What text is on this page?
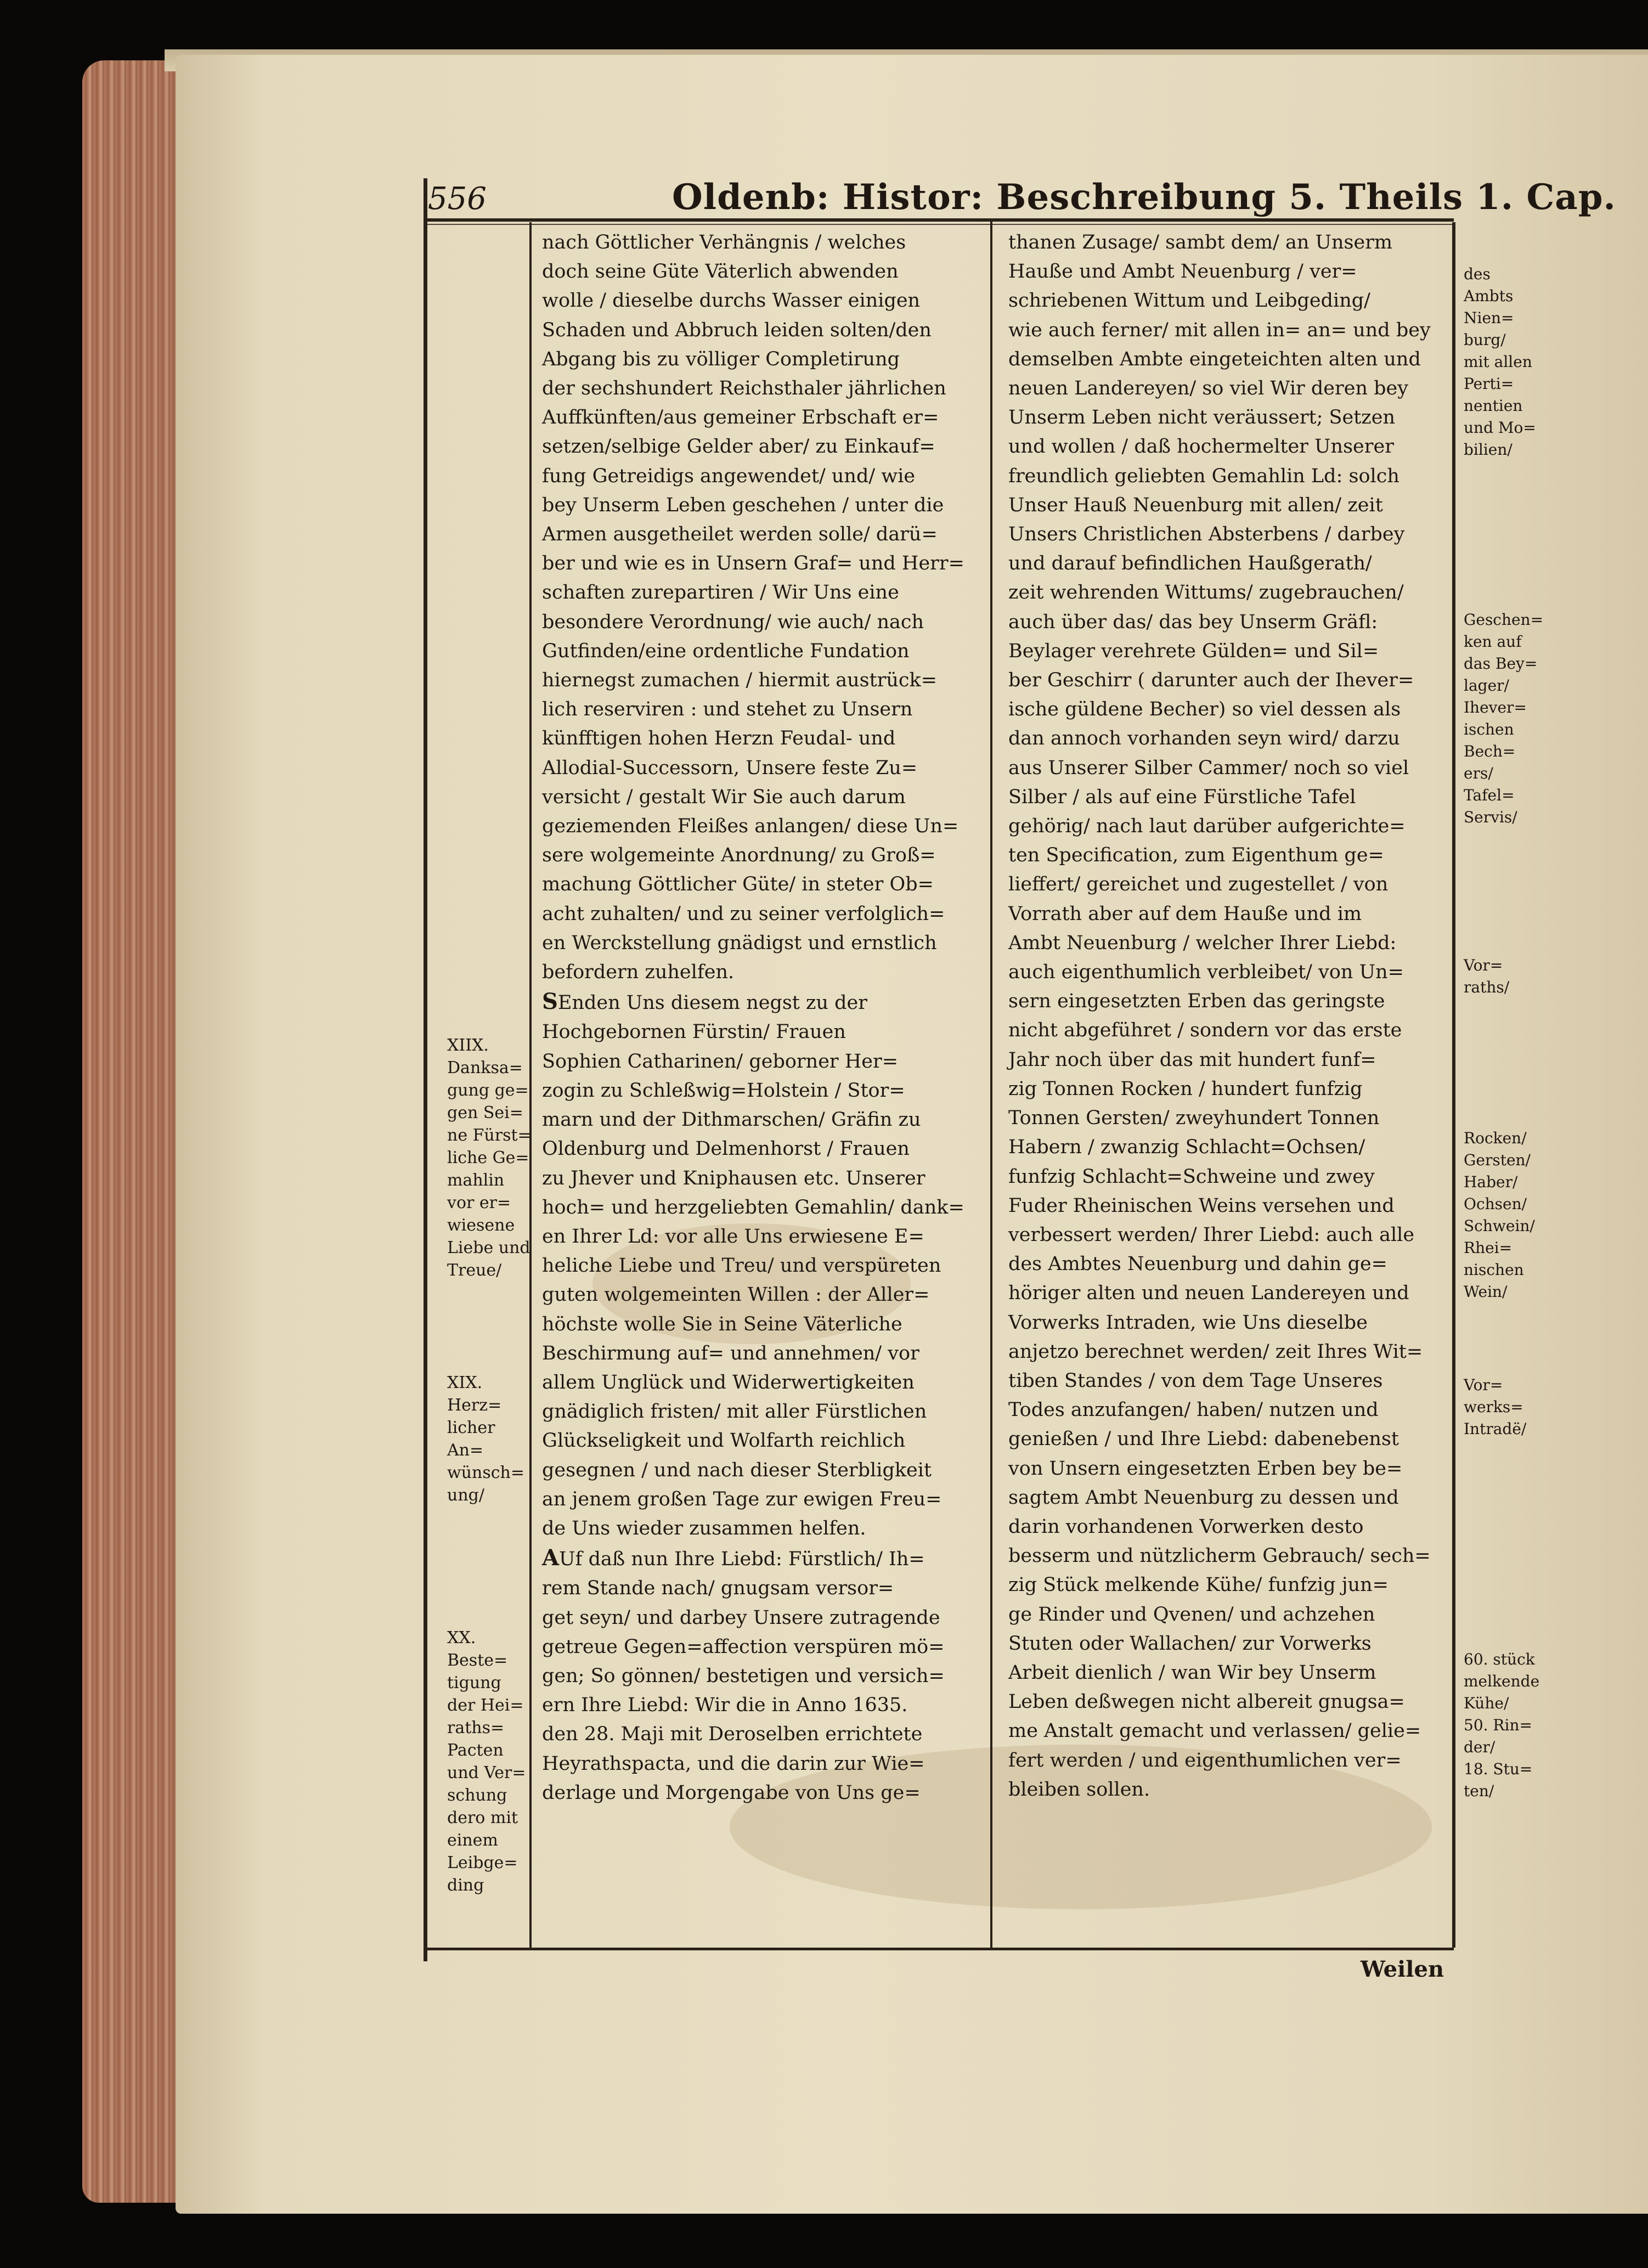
556	Oldenb: Histor: Beschreibung 5. Theils 1. Cap.
nach Göttlicher Verhängnis / welches
doch seine Güte Väterlich abwenden
wolle / dieselbe durchs Wasser einigen
Schaden und Abbruch leiden solten/den
Abgang bis zu völliger Completirung
der sechshundert Reichsthaler jährlichen
Auffkünften/aus gemeiner Erbschaft er=
setzen/selbige Gelder aber/ zu Einkauf=
fung Getreidigs angewendet/ und/ wie
bey Unserm Leben geschehen / unter die
Armen ausgetheilet werden solle/ darü=
ber und wie es in Unsern Graf= und Herr=
schaften zurepartiren / Wir Uns eine
besondere Verordnung/ wie auch/ nach
Gutfinden/eine ordentliche Fundation
hiernegst zumachen / hiermit austrück=
lich reserviren : und stehet zu Unsern
künfftigen hohen Herzn Feudal- und
Allodial-Successorn, Unsere feste Zu=
versicht / gestalt Wir Sie auch darum
geziemenden Fleißes anlangen/ diese Un=
sere wolgemeinte Anordnung/ zu Groß=
machung Göttlicher Güte/ in steter Ob=
acht zuhalten/ und zu seiner verfolglich=
en Werckstellung gnädigst und ernstlich
befordern zuhelfen.
SEnden Uns diesem negst zu der
Hochgebornen Fürstin/ Frauen
Sophien Catharinen/ geborner Her=
zogin zu Schleßwig=Holstein / Stor=
marn und der Dithmarschen/ Gräfin zu
Oldenburg und Delmenhorst / Frauen
zu Jhever und Kniphausen etc. Unserer
hoch= und herzgeliebten Gemahlin/ dank=
en Ihrer Ld: vor alle Uns erwiesene E=
heliche Liebe und Treu/ und verspüreten
guten wolgemeinten Willen : der Aller=
höchste wolle Sie in Seine Väterliche
Beschirmung auf= und annehmen/ vor
allem Unglück und Widerwertigkeiten
gnädiglich fristen/ mit aller Fürstlichen
Glückseligkeit und Wolfarth reichlich
gesegnen / und nach dieser Sterbligkeit
an jenem großen Tage zur ewigen Freu=
de Uns wieder zusammen helfen.
AUf daß nun Ihre Liebd: Fürstlich/ Ih=
rem Stande nach/ gnugsam versor=
get seyn/ und darbey Unsere zutragende
getreue Gegen=affection verspüren mö=
gen; So gönnen/ bestetigen und versich=
ern Ihre Liebd: Wir die in Anno 1635.
den 28. Maji mit Deroselben errichtete
Heyrathspacta, und die darin zur Wie=
derlage und Morgengabe von Uns ge=
thanen Zusage/ sambt dem/ an Unserm
Hauße und Ambt Neuenburg / ver=
schriebenen Wittum und Leibgeding/
wie auch ferner/ mit allen in= an= und bey
demselben Ambte eingeteichten alten und
neuen Landereyen/ so viel Wir deren bey
Unserm Leben nicht veräussert; Setzen
und wollen / daß hochermelter Unserer
freundlich geliebten Gemahlin Ld: solch
Unser Hauß Neuenburg mit allen/ zeit
Unsers Christlichen Absterbens / darbey
und darauf befindlichen Haußgerath/
zeit wehrenden Wittums/ zugebrauchen/
auch über das/ das bey Unserm Gräfl:
Beylager verehrete Gülden= und Sil=
ber Geschirr ( darunter auch der Ihever=
ische güldene Becher) so viel dessen als
dan annoch vorhanden seyn wird/ darzu
aus Unserer Silber Cammer/ noch so viel
Silber / als auf eine Fürstliche Tafel
gehörig/ nach laut darüber aufgerichte=
ten Specification, zum Eigenthum ge=
lieffert/ gereichet und zugestellet / von
Vorrath aber auf dem Hauße und im
Ambt Neuenburg / welcher Ihrer Liebd:
auch eigenthumlich verbleibet/ von Un=
sern eingesetzten Erben das geringste
nicht abgeführet / sondern vor das erste
Jahr noch über das mit hundert funf=
zig Tonnen Rocken / hundert funfzig
Tonnen Gersten/ zweyhundert Tonnen
Habern / zwanzig Schlacht=Ochsen/
funfzig Schlacht=Schweine und zwey
Fuder Rheinischen Weins versehen und
verbessert werden/ Ihrer Liebd: auch alle
des Ambtes Neuenburg und dahin ge=
höriger alten und neuen Landereyen und
Vorwerks Intraden, wie Uns dieselbe
anjetzo berechnet werden/ zeit Ihres Wit=
tiben Standes / von dem Tage Unseres
Todes anzufangen/ haben/ nutzen und
genießen / und Ihre Liebd: dabenebenst
von Unsern eingesetzten Erben bey be=
sagtem Ambt Neuenburg zu dessen und
darin vorhandenen Vorwerken desto
besserm und nützlicherm Gebrauch/ sech=
zig Stück melkende Kühe/ funfzig jun=
ge Rinder und Qvenen/ und achzehen
Stuten oder Wallachen/ zur Vorwerks
Arbeit dienlich / wan Wir bey Unserm
Leben deßwegen nicht albereit gnugsa=
me Anstalt gemacht und verlassen/ gelie=
fert werden / und eigenthumlichen ver=
bleiben sollen.
XIIX.
Danksa=
gung ge=
gen Sei=
ne Fürst=
liche Ge=
mahlin
vor er=
wiesene
Liebe und
Treue/
XIX.
Herz=
licher
An=
wünsch=
ung/
XX.
Beste=
tigung
der Hei=
raths=
Pacten
und Ver=
schung
dero mit
einem
Leibge=
ding
des
Ambts
Nien=
burg/
mit allen
Perti=
nentien
und Mo=
bilien/
Geschen=
ken auf
das Bey=
lager/
Ihever=
ischen
Bech=
ers/
Tafel=
Servis/
Vor=
raths/
Rocken/
Gersten/
Haber/
Ochsen/
Schwein/
Rhei=
nischen
Wein/
Vor=
werks=
Intradë/
60. stück
melkende
Kühe/
50. Rin=
der/
18. Stu=
ten/
Weilen
